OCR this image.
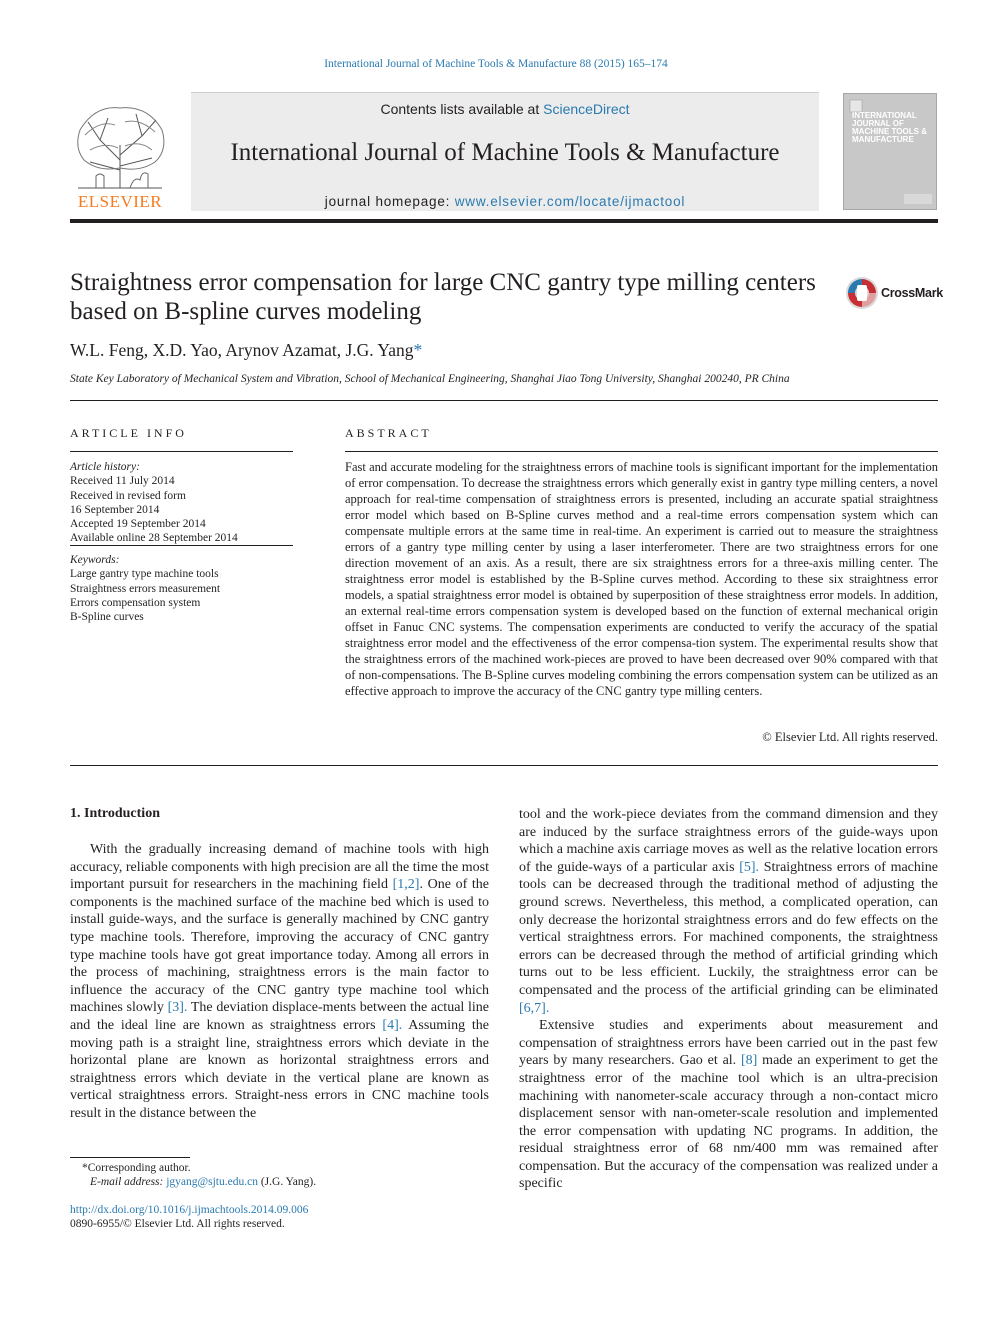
International Journal of Machine Tools & Manufacture 88 (2015) 165–174
ELSEVIER
Contents lists available at ScienceDirect
International Journal of Machine Tools & Manufacture
journal homepage: www.elsevier.com/locate/ijmactool
INTERNATIONAL JOURNAL OF MACHINE TOOLS & MANUFACTURE
Straightness error compensation for large CNC gantry type milling centers based on B-spline curves modeling
CrossMark
W.L. Feng, X.D. Yao, Arynov Azamat, J.G. Yang*
State Key Laboratory of Mechanical System and Vibration, School of Mechanical Engineering, Shanghai Jiao Tong University, Shanghai 200240, PR China
ARTICLE INFO
Article history:
Received 11 July 2014
Received in revised form
16 September 2014
Accepted 19 September 2014
Available online 28 September 2014
Keywords:
Large gantry type machine tools
Straightness errors measurement
Errors compensation system
B-Spline curves
ABSTRACT
Fast and accurate modeling for the straightness errors of machine tools is significant important for the implementation of error compensation. To decrease the straightness errors which generally exist in gantry type milling centers, a novel approach for real-time compensation of straightness errors is presented, including an accurate spatial straightness error model which based on B-Spline curves method and a real-time errors compensation system which can compensate multiple errors at the same time in real-time. An experiment is carried out to measure the straightness errors of a gantry type milling center by using a laser interferometer. There are two straightness errors for one direction movement of an axis. As a result, there are six straightness errors for a three-axis milling center. The straightness error model is established by the B-Spline curves method. According to these six straightness error models, a spatial straightness error model is obtained by superposition of these straightness error models. In addition, an external real-time errors compensation system is developed based on the function of external mechanical origin offset in Fanuc CNC systems. The compensation experiments are conducted to verify the accuracy of the spatial straightness error model and the effectiveness of the error compensa-tion system. The experimental results show that the straightness errors of the machined work-pieces are proved to have been decreased over 90% compared with that of non-compensations. The B-Spline curves modeling combining the errors compensation system can be utilized as an effective approach to improve the accuracy of the CNC gantry type milling centers.
© Elsevier Ltd. All rights reserved.
1. Introduction

With the gradually increasing demand of machine tools with high accuracy, reliable components with high precision are all the time the most important pursuit for researchers in the machining field [1,2]. One of the components is the machined surface of the machine bed which is used to install guide-ways, and the surface is generally machined by CNC gantry type machine tools. Therefore, improving the accuracy of CNC gantry type machine tools have got great importance today. Among all errors in the process of machining, straightness errors is the main factor to influence the accuracy of the CNC gantry type machine tool which machines slowly [3]. The deviation displace-ments between the actual line and the ideal line are known as straightness errors [4]. Assuming the moving path is a straight line, straightness errors which deviate in the horizontal plane are known as horizontal straightness errors and straightness errors which deviate in the vertical plane are known as vertical straightness errors. Straight-ness errors in CNC machine tools result in the distance between the

tool and the work-piece deviates from the command dimension and they are induced by the surface straightness errors of the guide-ways upon which a machine axis carriage moves as well as the relative location errors of the guide-ways of a particular axis [5]. Straightness errors of machine tools can be decreased through the traditional method of adjusting the ground screws. Nevertheless, this method, a complicated operation, can only decrease the horizontal straightness errors and do few effects on the vertical straightness errors. For machined components, the straightness errors can be decreased through the method of artificial grinding which turns out to be less efficient. Luckily, the straightness error can be compensated and the process of the artificial grinding can be eliminated [6,7].

Extensive studies and experiments about measurement and compensation of straightness errors have been carried out in the past few years by many researchers. Gao et al. [8] made an experiment to get the straightness error of the machine tool which is an ultra-precision machining with nanometer-scale accuracy through a non-contact micro displacement sensor with nan-ometer-scale resolution and implemented the error compensation with updating NC programs. In addition, the residual straightness error of 68 nm/400 mm was remained after compensation. But the accuracy of the compensation was realized under a specific

*Corresponding author.
E-mail address: jgyang@sjtu.edu.cn (J.G. Yang).
http://dx.doi.org/10.1016/j.ijmachtools.2014.09.006
0890-6955/© Elsevier Ltd. All rights reserved.
